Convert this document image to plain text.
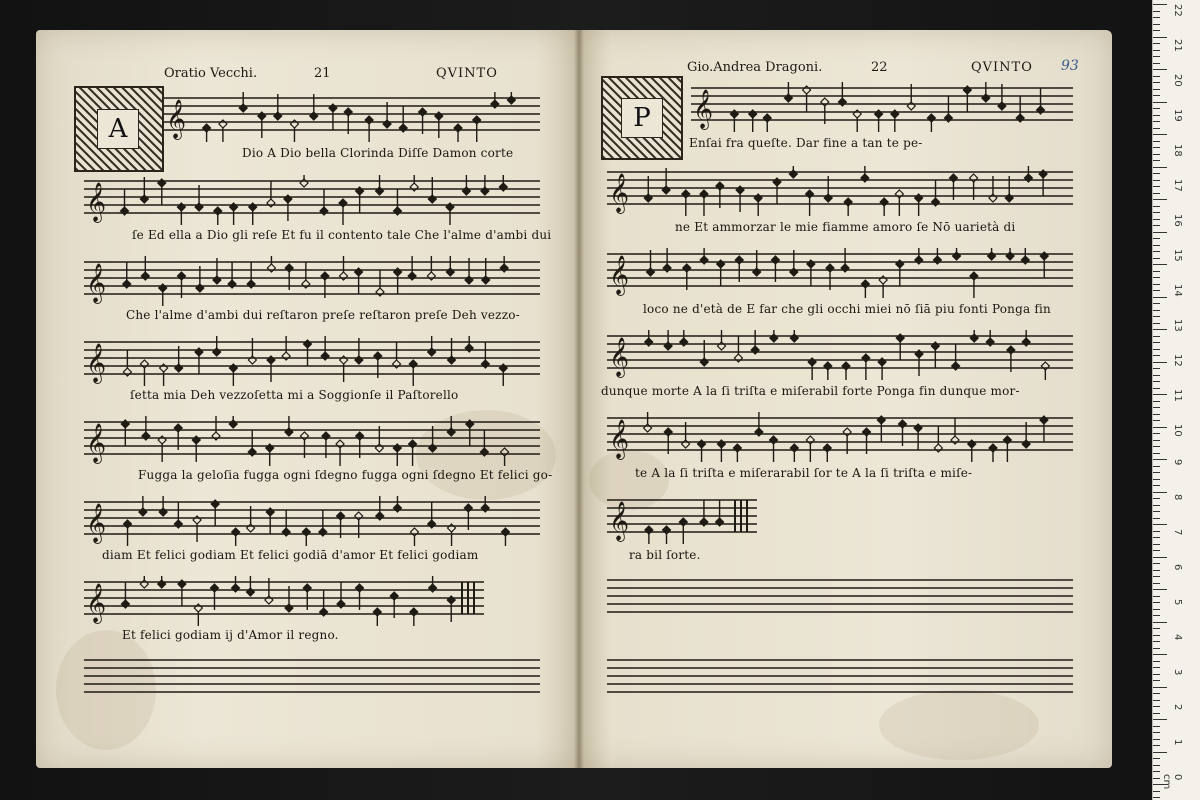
Oratio Vecchi.	21	QVINTO
A	𝄞
Dio A Dio bella Clorinda Diſſe Damon corte
𝄞
ſe Ed ella a Dio gli reſe Et fu il contento tale Che l'alme d'ambi dui
𝄞
Che l'alme d'ambi dui reſtaron preſe reſtaron preſe Deh vezzo-
𝄞
ſetta mia Deh vezzoſetta mi a Soggionſe il Paſtorello
𝄞
Fugga la geloſia fugga ogni ſdegno fugga ogni ſdegno Et felici go-
𝄞
diam Et felici godiam Et felici godiā d'amor Et felici godiam
𝄞
Et felici godiam ij d'Amor il regno.
Gio.Andrea Dragoni.	22	QVINTO 93
P	𝄞
Enſai fra queſte. Dar fine a tan te pe-
𝄞
ne Et ammorzar le mie fiamme amoro ſe Nō uarietà di
𝄞
loco ne d'età de E far che gli occhi miei nō ſiā piu fonti Ponga fin
𝄞
dunque morte A la ſi triſta e miſerabil forte Ponga fin dunque mor-
𝄞
te A la ſi triſta e miſerarabil ſor te A la ſi triſta e miſe-
𝄞
ra bil ſorte.
22
21
20
19
18
17
16
15
14
13
12
11
10
9
8
7
6
5
4
3
2
1
0 cm
